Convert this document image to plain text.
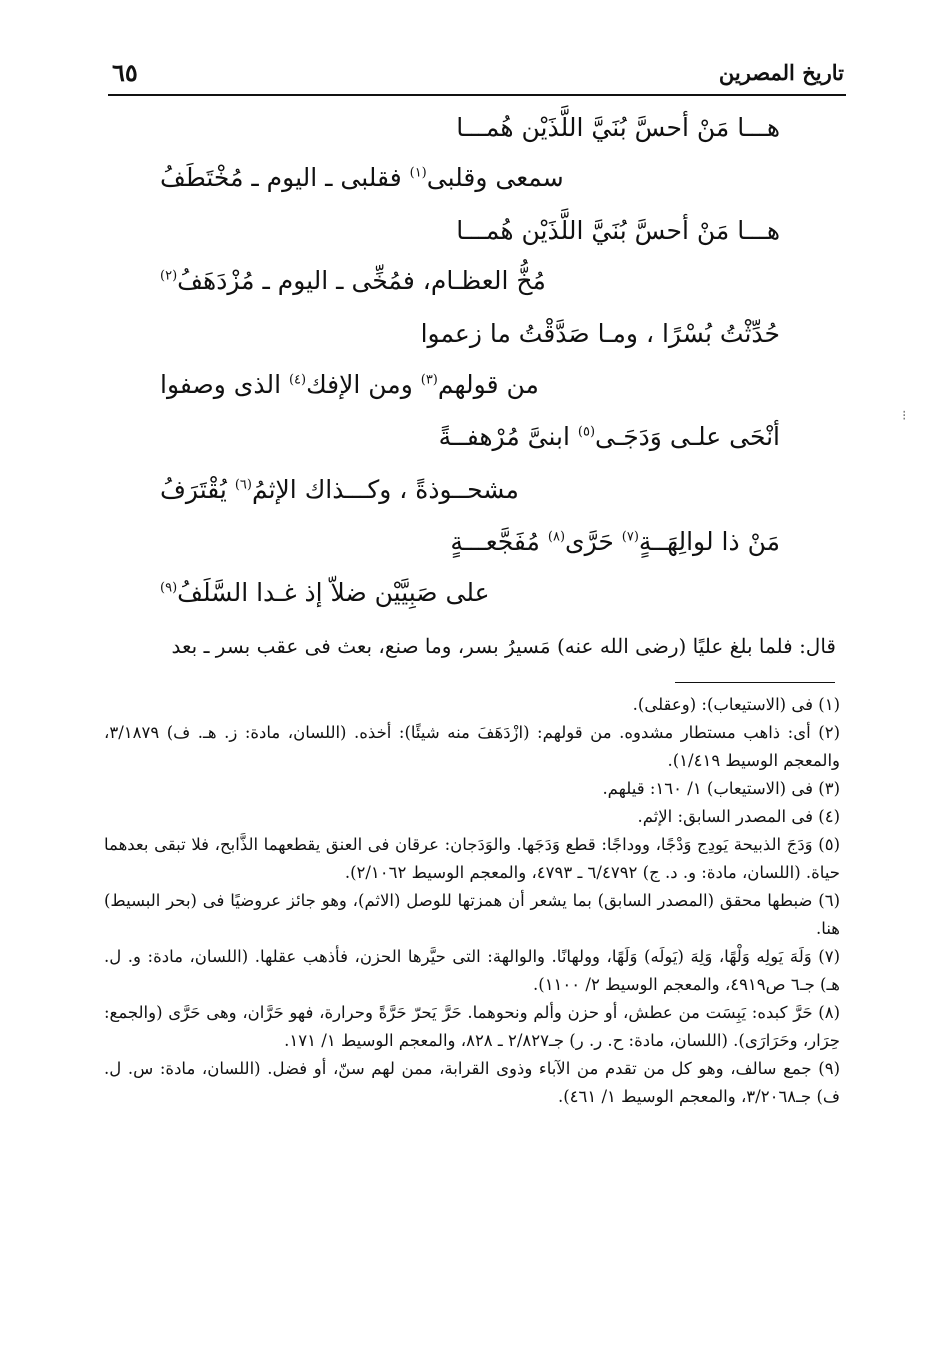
٦٥	تاريخ المصرين
⁝
هـــا مَنْ أحسَّ بُنَيَّ اللَّذَيْن هُمـــا
سمعى وقلبى$^{(١)}$ فقلبى ـ اليوم ـ مُخْتَطَفُ
هـــا مَنْ أحسَّ بُنَيَّ اللَّذَيْن هُمـــا
مُخُّ العظـام، فمُخِّى ـ اليوم ـ مُزْدَهَفُ$^{(٢)}$
حُدِّثْتُ بُسْرًا ، ومـا صَدَّقْتُ ما زعموا
من قولهم$^{(٣)}$ ومن الإفك$^{(٤)}$ الذى وصفوا
أنْحَى علـى وَدَجَـى$^{(٥)}$ ابنىَّ مُرْهفــةً
مشحــوذةً ، وكـــذاك الإثمُ$^{(٦)}$ يُقْتَرَفُ
مَنْ ذا لوالِهَــةٍ$^{(٧)}$ حَرَّى$^{(٨)}$ مُفَجَّعـــةٍ
على صَبِيَّيْن ضلاّ إذ غـدا السَّلَفُ$^{(٩)}$
قال: فلما بلغ عليًا (رضى الله عنه) مَسيرُ بسر، وما صنع، بعث فى عقب بسر ـ بعد

(١) فى (الاستيعاب): (وعقلى).

(٢) أى: ذاهب مستطار مشدوه. من قولهم: (ازْدَهَفَ منه شيئًا): أخذه. (اللسان، مادة: ز. هـ. ف) ٣/١٨٧٩، والمعجم الوسيط ١/٤١٩).

(٣) فى (الاستيعاب) ١/ ١٦٠: قيلهم.

(٤) فى المصدر السابق: الإثم.

(٥) وَدَجَ الذبيحة يَودِج وَدْجًا، ووداجًا: قطع وَدَجَها. والوَدَجان: عرقان فى العنق يقطعهما الذَّابح، فلا تبقى بعدهما حياة. (اللسان، مادة: و. د. ج) ٦/٤٧٩٢ ـ ٤٧٩٣، والمعجم الوسيط ٢/١٠٦٢).

(٦) ضبطها محقق (المصدر السابق) بما يشعر أن همزتها للوصل (الاثم)، وهو جائز عروضيًا فى (بحر البسيط) هنا.

(٧) وَلَهَ يَولِه وَلْهًا، وَلِهَ (يَولَه) وَلَهًا، وولهانًا. والوالهة: التى حيَّرها الحزن، فأذهب عقلها. (اللسان، مادة: و. ل. هـ) جـ٦ ص٤٩١٩، والمعجم الوسيط ٢/ ١١٠٠).

(٨) حَرَّ كبده: يَبِسَت من عطش، أو حزن وألم ونحوهما. حَرَّ يَحرّ حَرَّةً وحرارة، فهو حَرَّان، وهى حَرَّى (والجمع: حِرَار، وحَرَارَى). (اللسان، مادة: ح. ر. ر) جـ٢/٨٢٧ ـ ٨٢٨، والمعجم الوسيط ١/ ١٧١.

(٩) جمع سالف، وهو كل من تقدم من الآباء وذوى القرابة، ممن لهم سنّ، أو فضل. (اللسان، مادة: س. ل. ف) جـ٣/٢٠٦٨، والمعجم الوسيط ١/ ٤٦١).
